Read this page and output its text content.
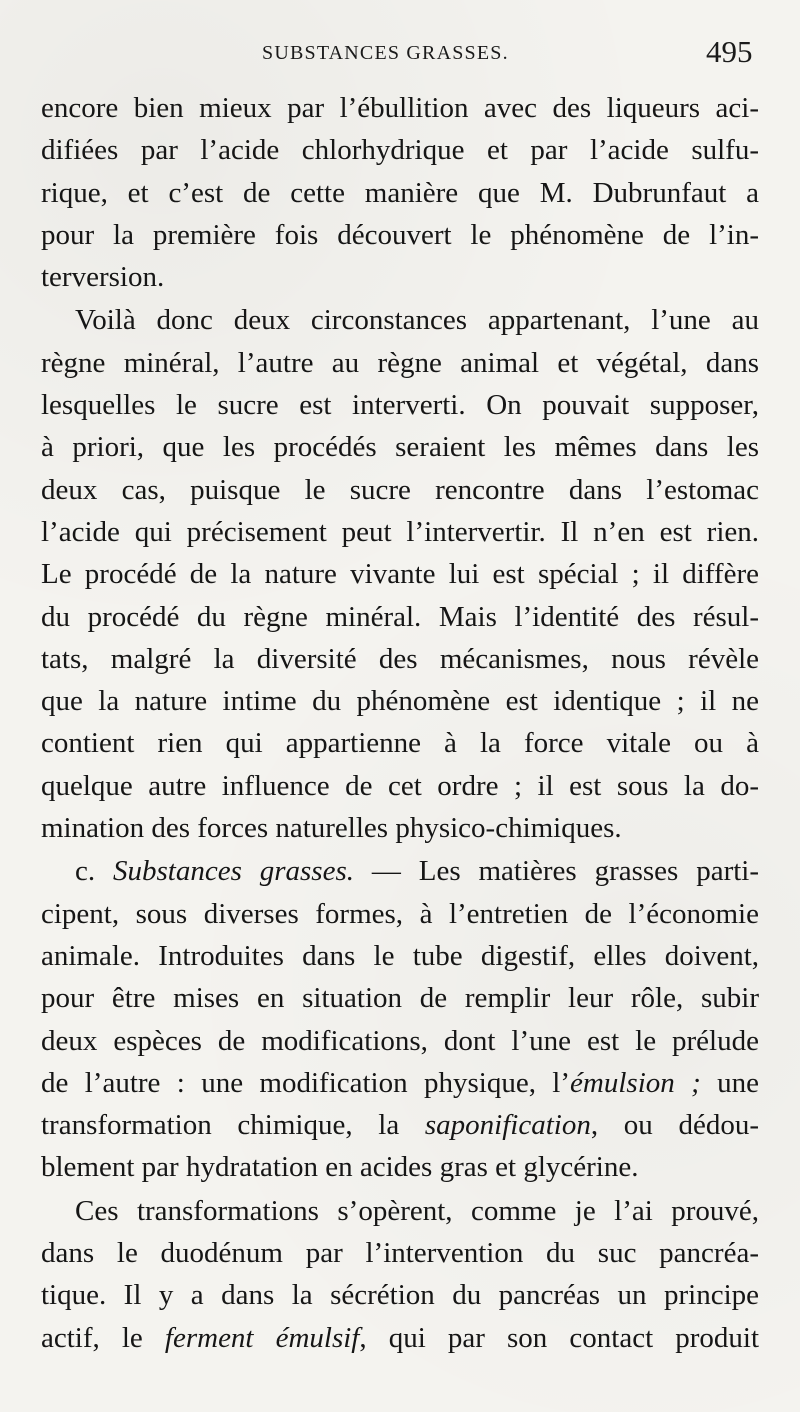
SUBSTANCES GRASSES.	495

encore bien mieux par l’ébullition avec des liqueurs aci-
difiées par l’acide chlorhydrique et par l’acide sulfu-
rique, et c’est de cette manière que M. Dubrunfaut a
pour la première fois découvert le phénomène de l’in-
terversion.

Voilà donc deux circonstances appartenant, l’une au
règne minéral, l’autre au règne animal et végétal, dans
lesquelles le sucre est interverti. On pouvait supposer,
à priori, que les procédés seraient les mêmes dans les
deux cas, puisque le sucre rencontre dans l’estomac
l’acide qui précisement peut l’intervertir. Il n’en est rien.
Le procédé de la nature vivante lui est spécial ; il diffère
du procédé du règne minéral. Mais l’identité des résul-
tats, malgré la diversité des mécanismes, nous révèle
que la nature intime du phénomène est identique ; il ne
contient rien qui appartienne à la force vitale ou à
quelque autre influence de cet ordre ; il est sous la do-
mination des forces naturelles physico-chimiques.

c. Substances grasses. — Les matières grasses parti-
cipent, sous diverses formes, à l’entretien de l’économie
animale. Introduites dans le tube digestif, elles doivent,
pour être mises en situation de remplir leur rôle, subir
deux espèces de modifications, dont l’une est le prélude
de l’autre : une modification physique, l’émulsion ; une
transformation chimique, la saponification, ou dédou-
blement par hydratation en acides gras et glycérine.

Ces transformations s’opèrent, comme je l’ai prouvé,
dans le duodénum par l’intervention du suc pancréa-
tique. Il y a dans la sécrétion du pancréas un principe
actif, le ferment émulsif, qui par son contact produit
